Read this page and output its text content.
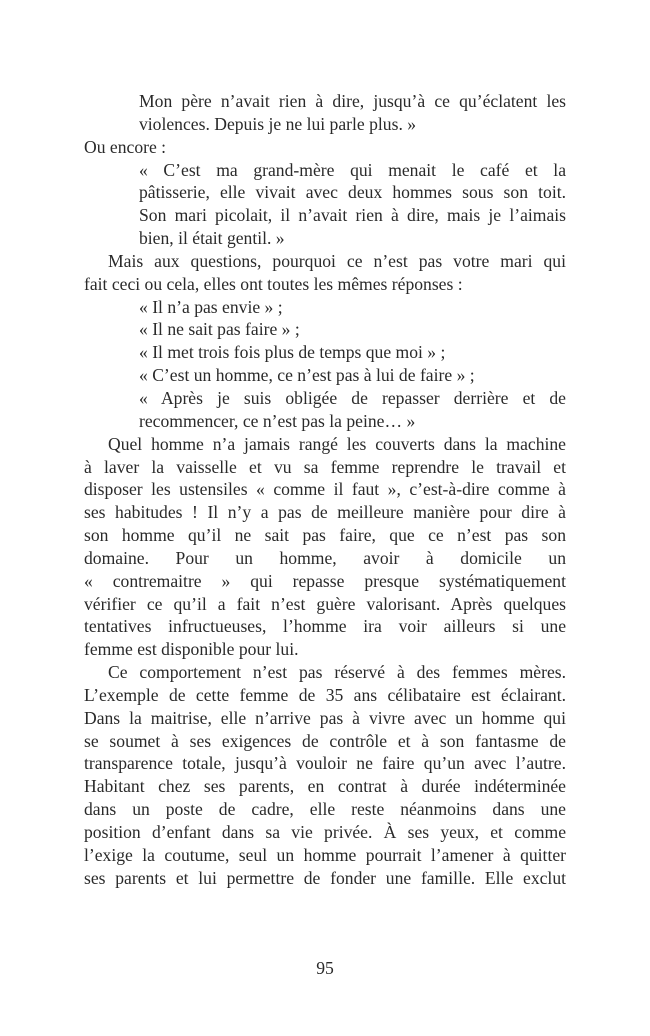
Mon père n’avait rien à dire, jusqu’à ce qu’éclatent les
violences. Depuis je ne lui parle plus. »
Ou encore :
« C’est ma grand-mère qui menait le café et la
pâtisserie, elle vivait avec deux hommes sous son toit.
Son mari picolait, il n’avait rien à dire, mais je l’aimais
bien, il était gentil. »
Mais aux questions, pourquoi ce n’est pas votre mari qui
fait ceci ou cela, elles ont toutes les mêmes réponses :
« Il n’a pas envie » ;
« Il ne sait pas faire » ;
« Il met trois fois plus de temps que moi » ;
« C’est un homme, ce n’est pas à lui de faire » ;
« Après je suis obligée de repasser derrière et de
recommencer, ce n’est pas la peine… »
Quel homme n’a jamais rangé les couverts dans la machine
à laver la vaisselle et vu sa femme reprendre le travail et
disposer les ustensiles « comme il faut », c’est-à-dire comme à
ses habitudes ! Il n’y a pas de meilleure manière pour dire à
son homme qu’il ne sait pas faire, que ce n’est pas son
domaine. Pour un homme, avoir à domicile un
« contremaitre » qui repasse presque systématiquement
vérifier ce qu’il a fait n’est guère valorisant. Après quelques
tentatives infructueuses, l’homme ira voir ailleurs si une
femme est disponible pour lui.
Ce comportement n’est pas réservé à des femmes mères.
L’exemple de cette femme de 35 ans célibataire est éclairant.
Dans la maitrise, elle n’arrive pas à vivre avec un homme qui
se soumet à ses exigences de contrôle et à son fantasme de
transparence totale, jusqu’à vouloir ne faire qu’un avec l’autre.
Habitant chez ses parents, en contrat à durée indéterminée
dans un poste de cadre, elle reste néanmoins dans une
position d’enfant dans sa vie privée. À ses yeux, et comme
l’exige la coutume, seul un homme pourrait l’amener à quitter
ses parents et lui permettre de fonder une famille. Elle exclut
95
